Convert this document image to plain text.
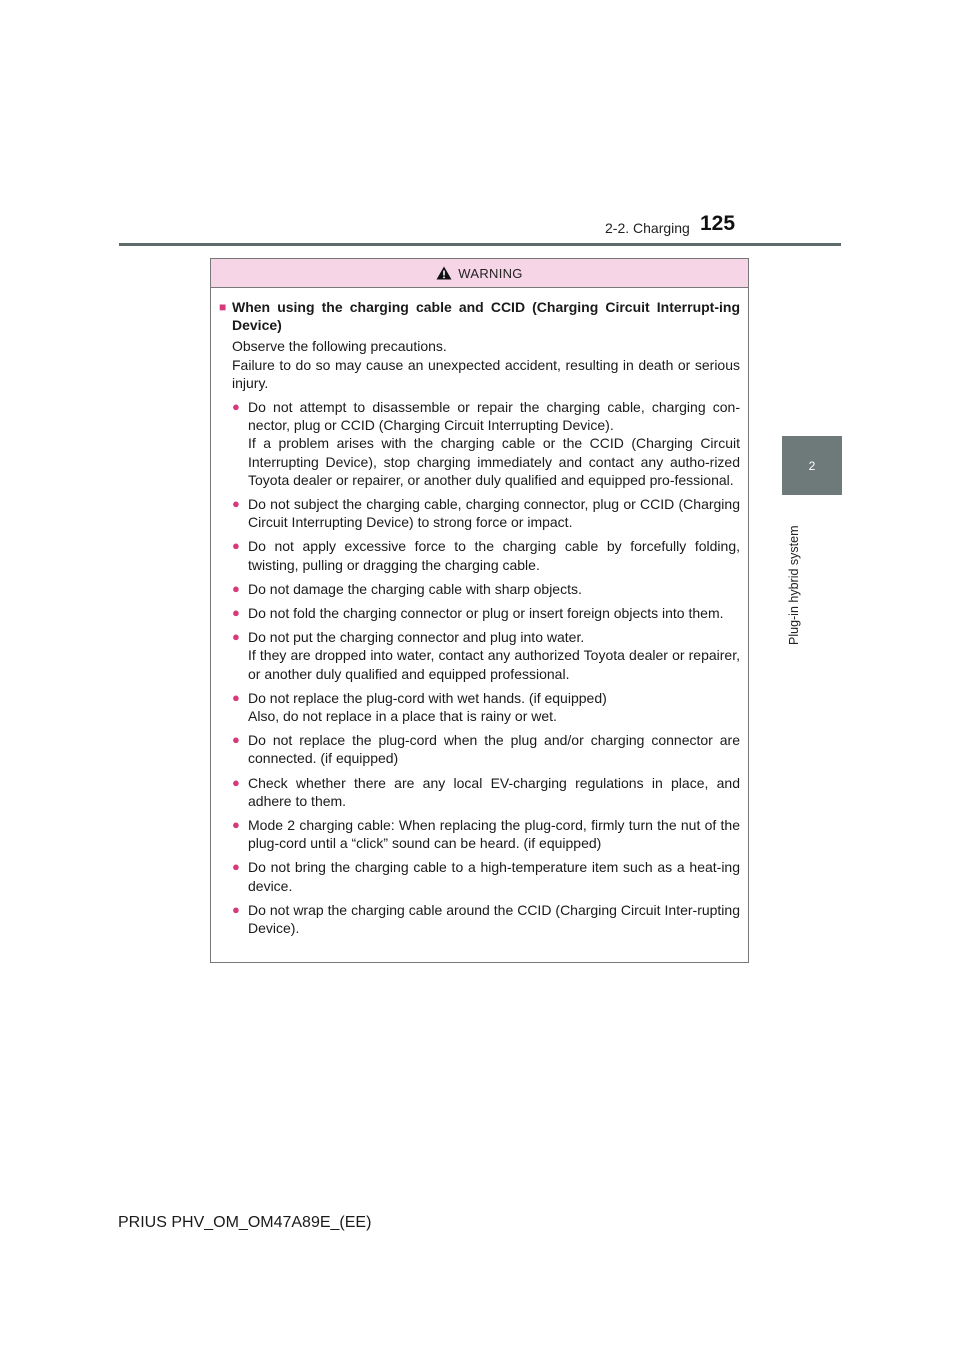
2-2. Charging 125
2
Plug-in hybrid system
WARNING
■ When using the charging cable and CCID (Charging Circuit Interrupt-ing Device)

Observe the following precautions.

Failure to do so may cause an unexpected accident, resulting in death or serious injury.

● Do not attempt to disassemble or repair the charging cable, charging con-nector, plug or CCID (Charging Circuit Interrupting Device).

If a problem arises with the charging cable or the CCID (Charging Circuit Interrupting Device), stop charging immediately and contact any autho-rized Toyota dealer or repairer, or another duly qualified and equipped pro-fessional.

● Do not subject the charging cable, charging connector, plug or CCID (Charging Circuit Interrupting Device) to strong force or impact.

● Do not apply excessive force to the charging cable by forcefully folding, twisting, pulling or dragging the charging cable.

● Do not damage the charging cable with sharp objects.

● Do not fold the charging connector or plug or insert foreign objects into them.

● Do not put the charging connector and plug into water.

If they are dropped into water, contact any authorized Toyota dealer or repairer, or another duly qualified and equipped professional.

● Do not replace the plug-cord with wet hands. (if equipped)

Also, do not replace in a place that is rainy or wet.

● Do not replace the plug-cord when the plug and/or charging connector are connected. (if equipped)

● Check whether there are any local EV-charging regulations in place, and adhere to them.

● Mode 2 charging cable: When replacing the plug-cord, firmly turn the nut of the plug-cord until a “click” sound can be heard. (if equipped)

● Do not bring the charging cable to a high-temperature item such as a heat-ing device.

● Do not wrap the charging cable around the CCID (Charging Circuit Inter-rupting Device).

PRIUS PHV_OM_OM47A89E_(EE)
